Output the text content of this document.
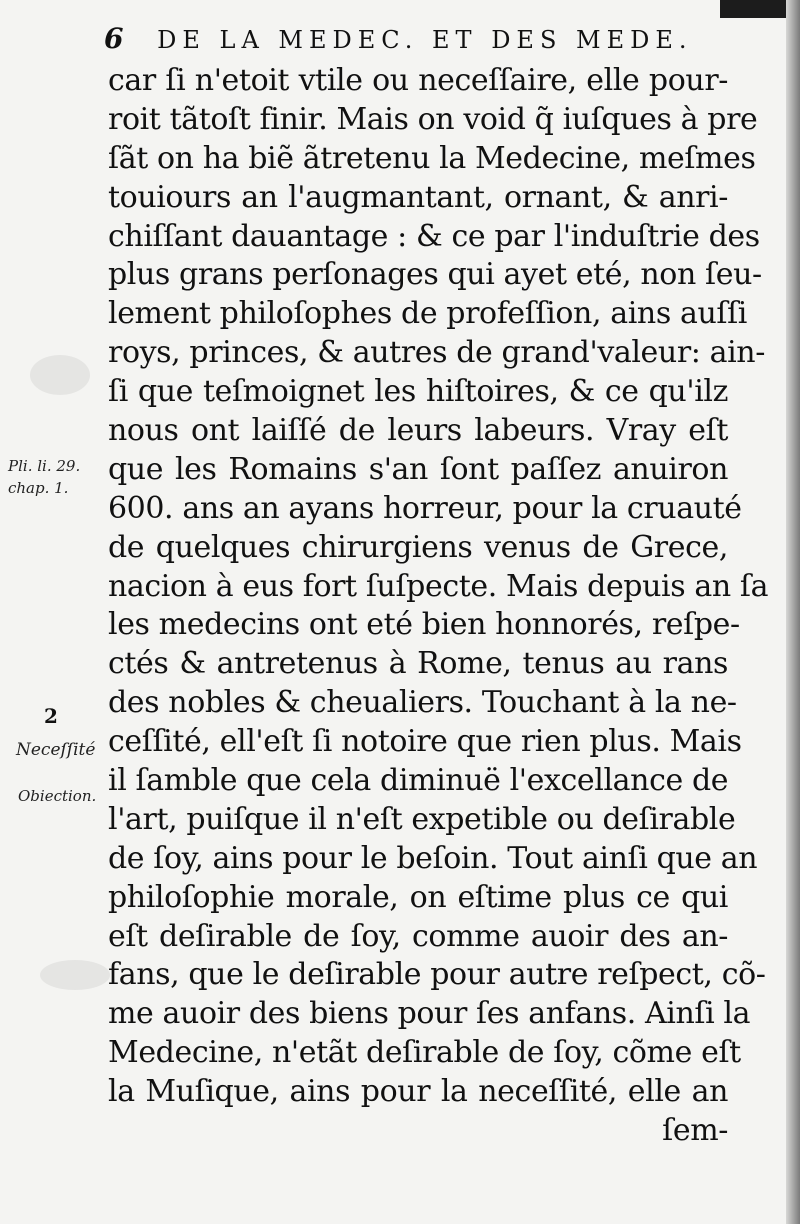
6 DE LA MEDEC. ET DES MEDE.
car ſi n'etoit vtile ou neceſſaire, elle pour-
roit tãtoſt finir. Mais on void q̃ iuſques à pre
ſãt on ha biẽ ãtretenu la Medecine, meſmes
touiours an l'augmantant, ornant, & anri-
chiſſant dauantage : & ce par l'induſtrie des
plus grans perſonages qui ayet eté, non ſeu-
lement philoſophes de profeſſion, ains auſſi
roys, princes, & autres de grand'valeur: ain-
ſi que teſmoignet les hiſtoires, & ce qu'ilz
nous ont laiſſé de leurs labeurs. Vray eſt
que les Romains s'an ſont paſſez anuiron
600. ans an ayans horreur, pour la cruauté
de quelques chirurgiens venus de Grece,
nacion à eus fort ſuſpecte. Mais depuis an ſa
les medecins ont eté bien honnorés, reſpe-
ctés & antretenus à Rome, tenus au rans
des nobles & cheualiers. Touchant à la ne-
ceſſité, ell'eſt ſi notoire que rien plus. Mais
il ſamble que cela diminuë l'excellance de
l'art, puiſque il n'eſt expetible ou deſirable
de ſoy, ains pour le beſoin. Tout ainſi que an
philoſophie morale, on eſtime plus ce qui
eſt deſirable de ſoy, comme auoir des an-
fans, que le deſirable pour autre reſpect, cõ-
me auoir des biens pour ſes anfans. Ainſi la
Medecine, n'etãt deſirable de ſoy, cõme eſt
la Muſique, ains pour la neceſſité, elle an
ſem-
Pli. li. 29.
chap. 1.
2
Neceſſité
Obiection.
